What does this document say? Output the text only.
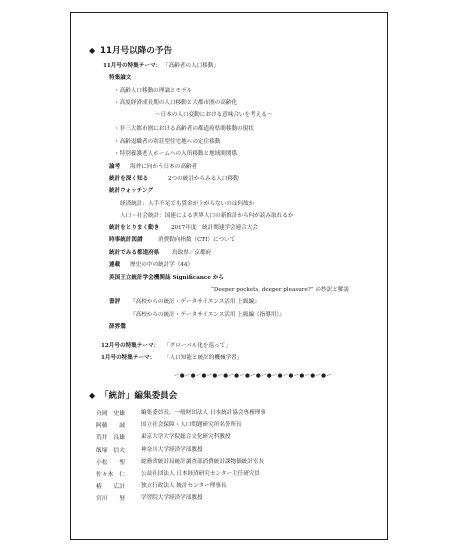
◆ 11月号以降の予告
11月号の特集テーマ： 「高齢者の人口移動」
特集論文
・高齢人口移動の理論とモデル
・高度経済成長期の人口移動と大都市圏の高齢化
～日本の人口変動における意味合いを考える～
・非三大都市圏における高齢者の都道府県間移動の現状
・高齢退職者の別荘型住宅地への定住移動
・特別養護老人ホームへの入所移動と地域間関係
論考 海外に向かう日本の高齢者
統計を深く知る	2つの統計からみる人口移動
統計ウォッチング
経済統計：人手不足でも賃金が上がらないのは何故か
人口・社会統計：国連による世界人口の新推計から何が読み取れるか
統計をとりまく動き 2017年度　統計関連学会連合大会
時事統計図譜	消費動向指数（CTI）について
統計でみる都道府県 鳥取県／京都府
連載 歴史の中の統計学（44）
英国王立統計学会機関誌 Significance から
“Deeper pockets, deeper pleasure?” の抄訳と解説
書評 『高校からの統計・データサイエンス活用 上級編』
『高校からの統計・データサイエンス活用 上級編（指導用）』
薛雰鶯
12月号の特集テーマ： 「グローバル化を巡って」
1月号の特集テーマ： 「人口知能と統計的機械学習」
ー●ー●ー●ー●ー●ー●ー●ー●ー●ー●ー●ー●ー●ー●ー
◆ 「統計」編集委員会
舟岡　史雄	編集委員長、一般財団法人 日本統計協会専務理事
阿藤　　誠	国立社会保障・人口問題研究所名誉所長
荒井　良雄	東京大学大学院総合文化研究科教授
飯塚　信夫	神奈川大学経済学部教授
小松　　聖	総務省統計局統計調査部消費統計課物価統計室長
佐々木　仁	公益社団法人 日本経済研究センター主任研究員
椿　　広計	独立行政法人 統計センター理事長
宮川　　努	学習院大学経済学部教授
